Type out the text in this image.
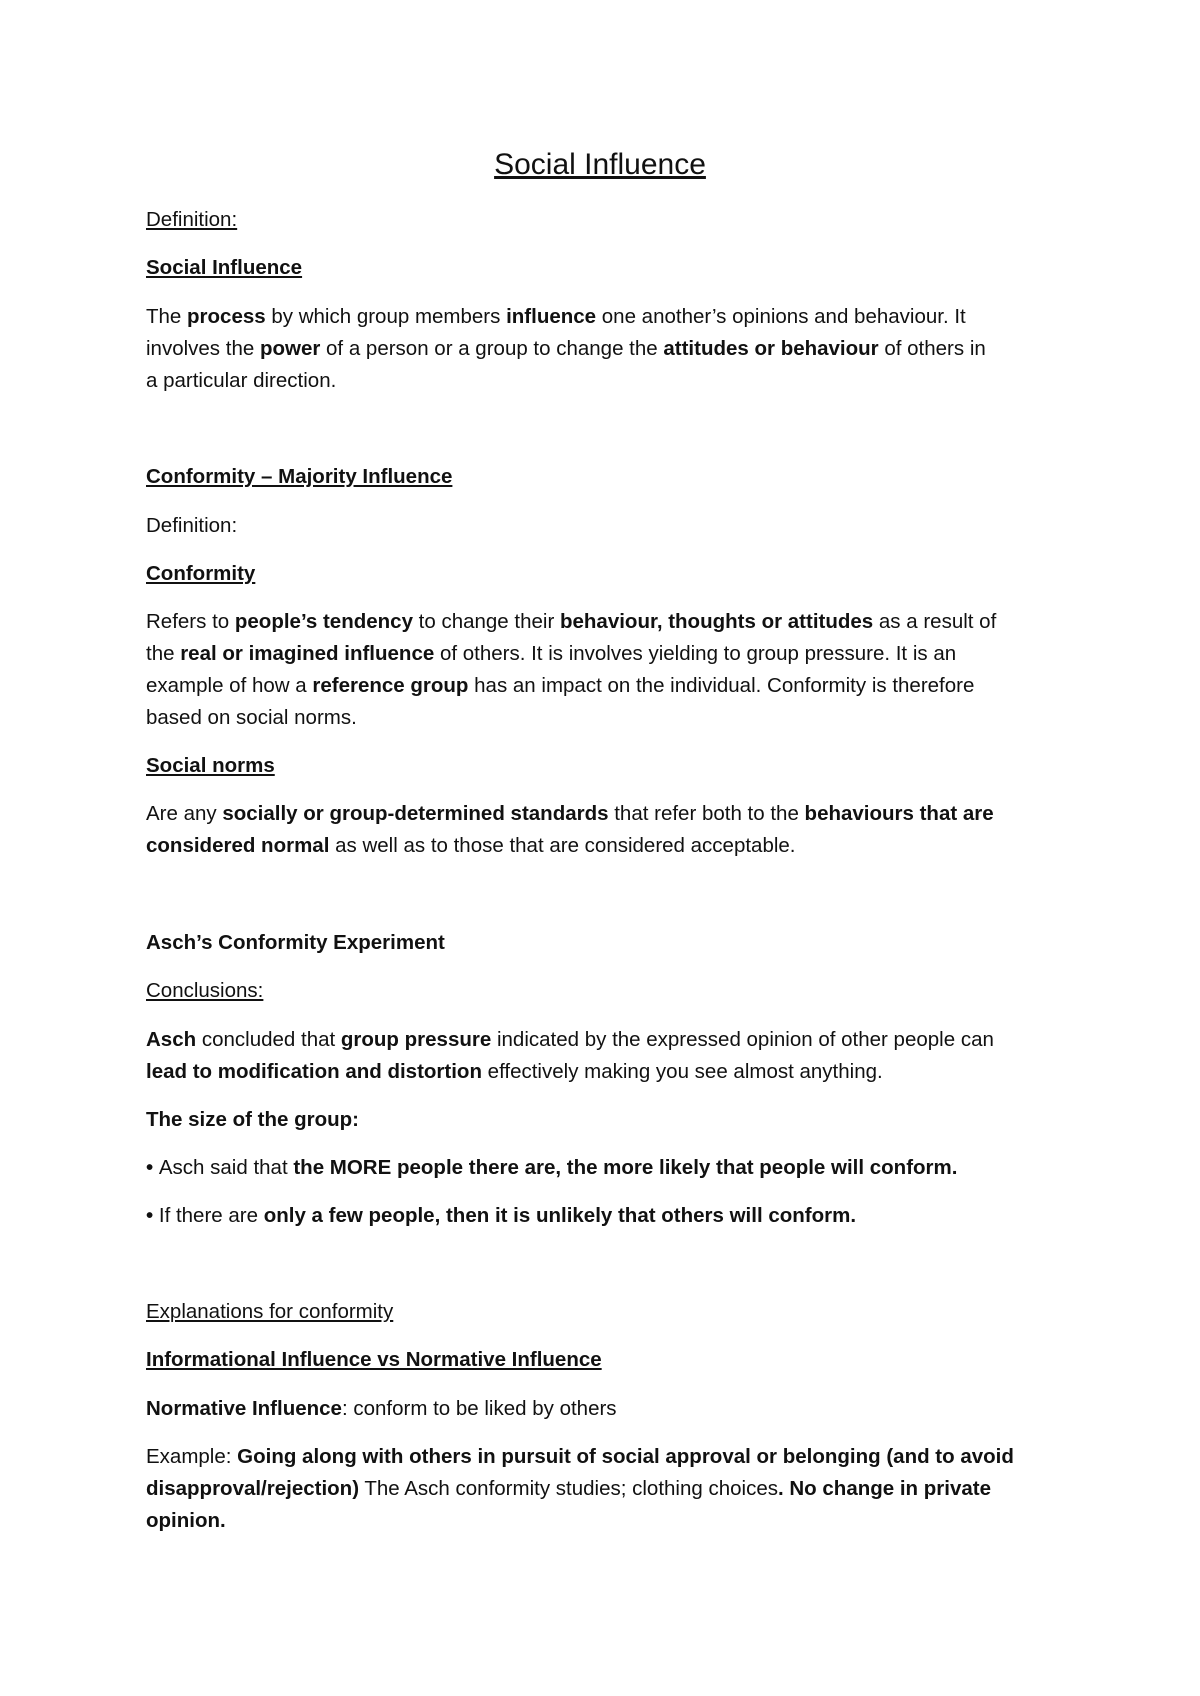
Social Influence
Definition:
Social Influence
The process by which group members influence one another’s opinions and behaviour. It
involves the power of a person or a group to change the attitudes or behaviour of others in
a particular direction.
Conformity – Majority Influence
Definition:
Conformity
Refers to people’s tendency to change their behaviour, thoughts or attitudes as a result of
the real or imagined influence of others. It is involves yielding to group pressure. It is an
example of how a reference group has an impact on the individual. Conformity is therefore
based on social norms.
Social norms
Are any socially or group-determined standards that refer both to the behaviours that are
considered normal as well as to those that are considered acceptable.
Asch’s Conformity Experiment
Conclusions:
Asch concluded that group pressure indicated by the expressed opinion of other people can
lead to modification and distortion effectively making you see almost anything.
The size of the group:
• Asch said that the MORE people there are, the more likely that people will conform.
• If there are only a few people, then it is unlikely that others will conform.
Explanations for conformity
Informational Influence vs Normative Influence
Normative Influence: conform to be liked by others
Example: Going along with others in pursuit of social approval or belonging (and to avoid
disapproval/rejection) The Asch conformity studies; clothing choices. No change in private
opinion.
